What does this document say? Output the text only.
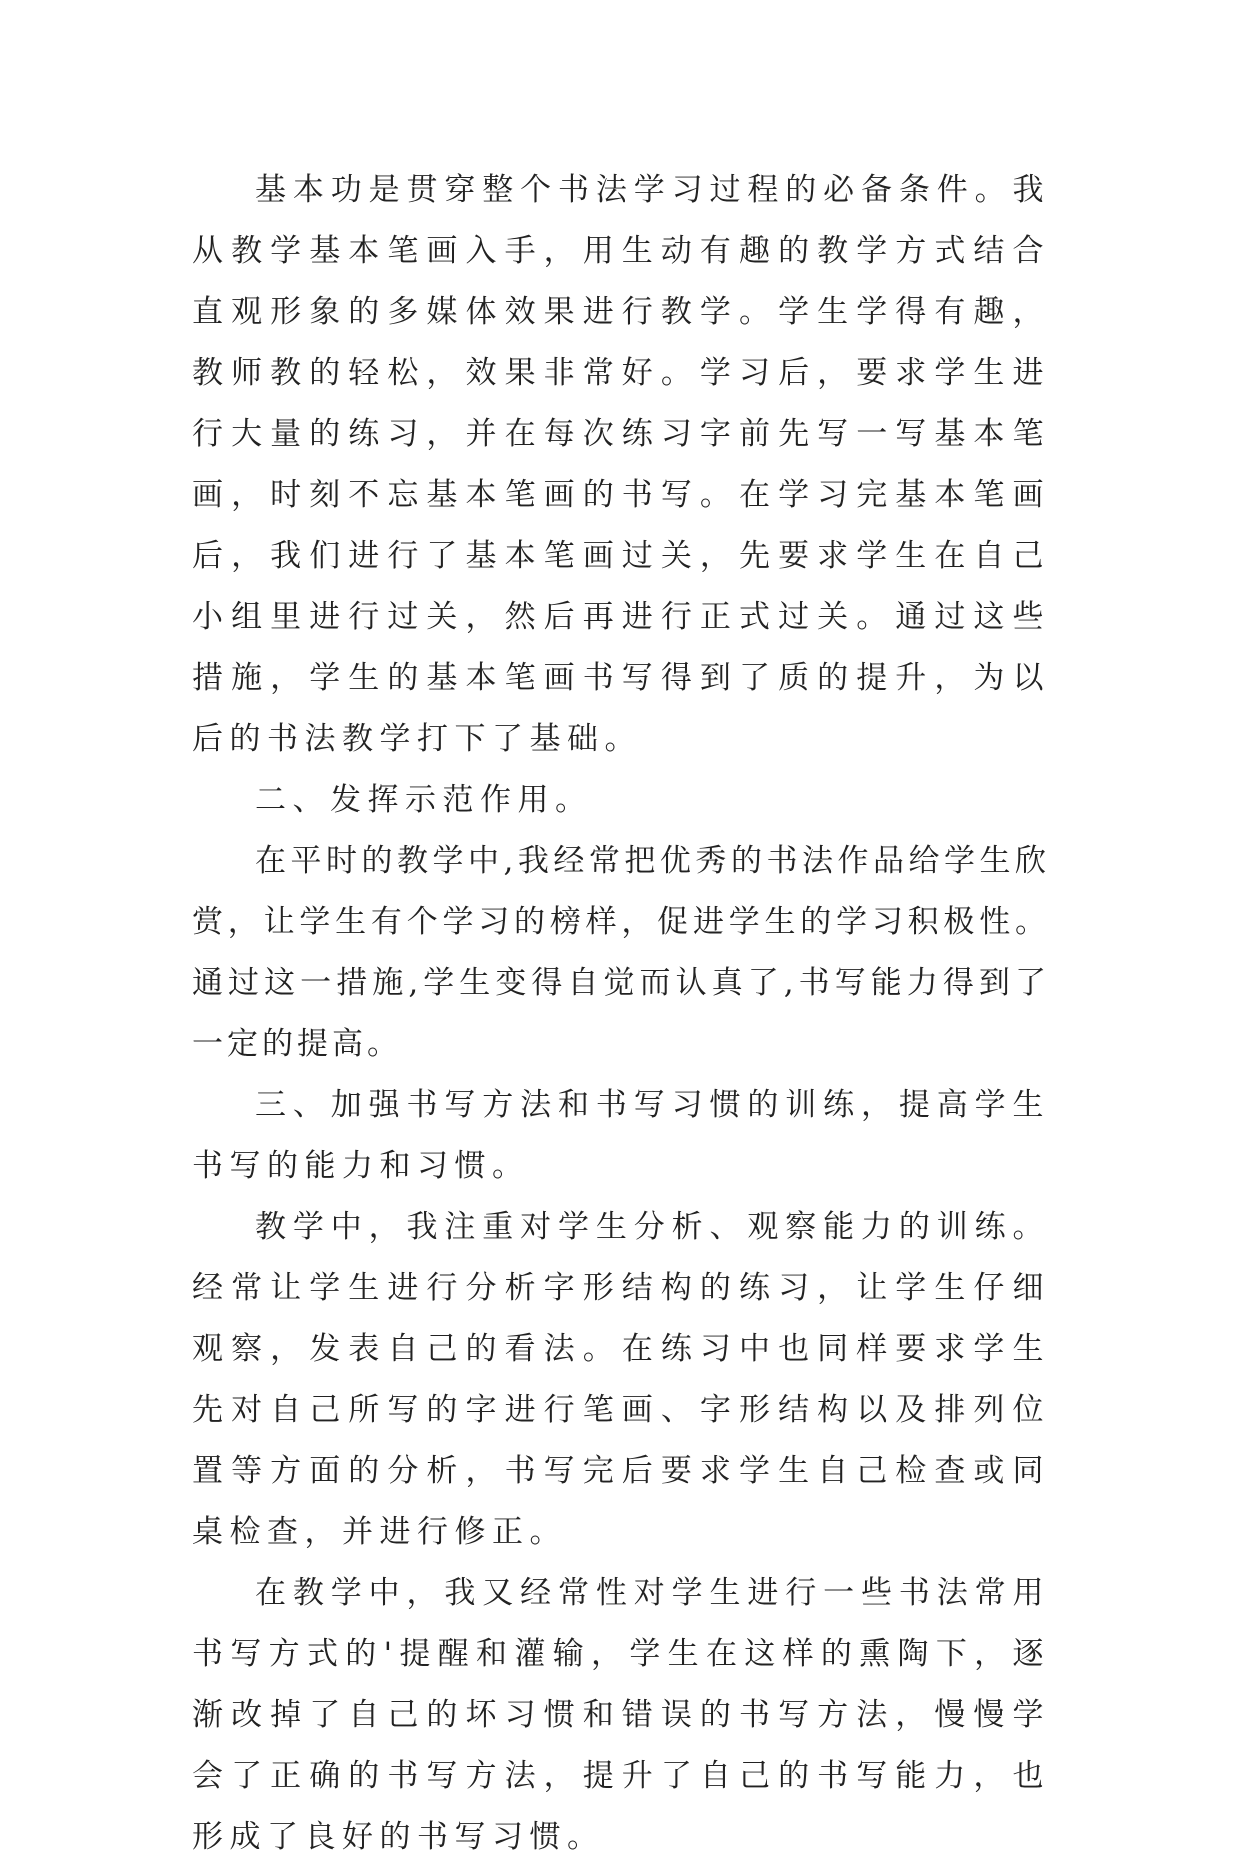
基本功是贯穿整个书法学习过程的必备条件。我从教学基本笔画入手，用生动有趣的教学方式结合直观形象的多媒体效果进行教学。学生学得有趣，教师教的轻松，效果非常好。学习后，要求学生进行大量的练习，并在每次练习字前先写一写基本笔画，时刻不忘基本笔画的书写。在学习完基本笔画后，我们进行了基本笔画过关，先要求学生在自己小组里进行过关，然后再进行正式过关。通过这些措施，学生的基本笔画书写得到了质的提升，为以后的书法教学打下了基础。

二、发挥示范作用。

在平时的教学中,我经常把优秀的书法作品给学生欣赏，让学生有个学习的榜样，促进学生的学习积极性。通过这一措施,学生变得自觉而认真了,书写能力得到了一定的提高。

三、加强书写方法和书写习惯的训练，提高学生书写的能力和习惯。

教学中，我注重对学生分析、观察能力的训练。经常让学生进行分析字形结构的练习，让学生仔细观察，发表自己的看法。在练习中也同样要求学生先对自己所写的字进行笔画、字形结构以及排列位置等方面的分析，书写完后要求学生自己检查或同桌检查，并进行修正。

在教学中，我又经常性对学生进行一些书法常用书写方式的'提醒和灌输，学生在这样的熏陶下，逐渐改掉了自己的坏习惯和错误的书写方法，慢慢学会了正确的书写方法，提升了自己的书写能力，也形成了良好的书写习惯。
